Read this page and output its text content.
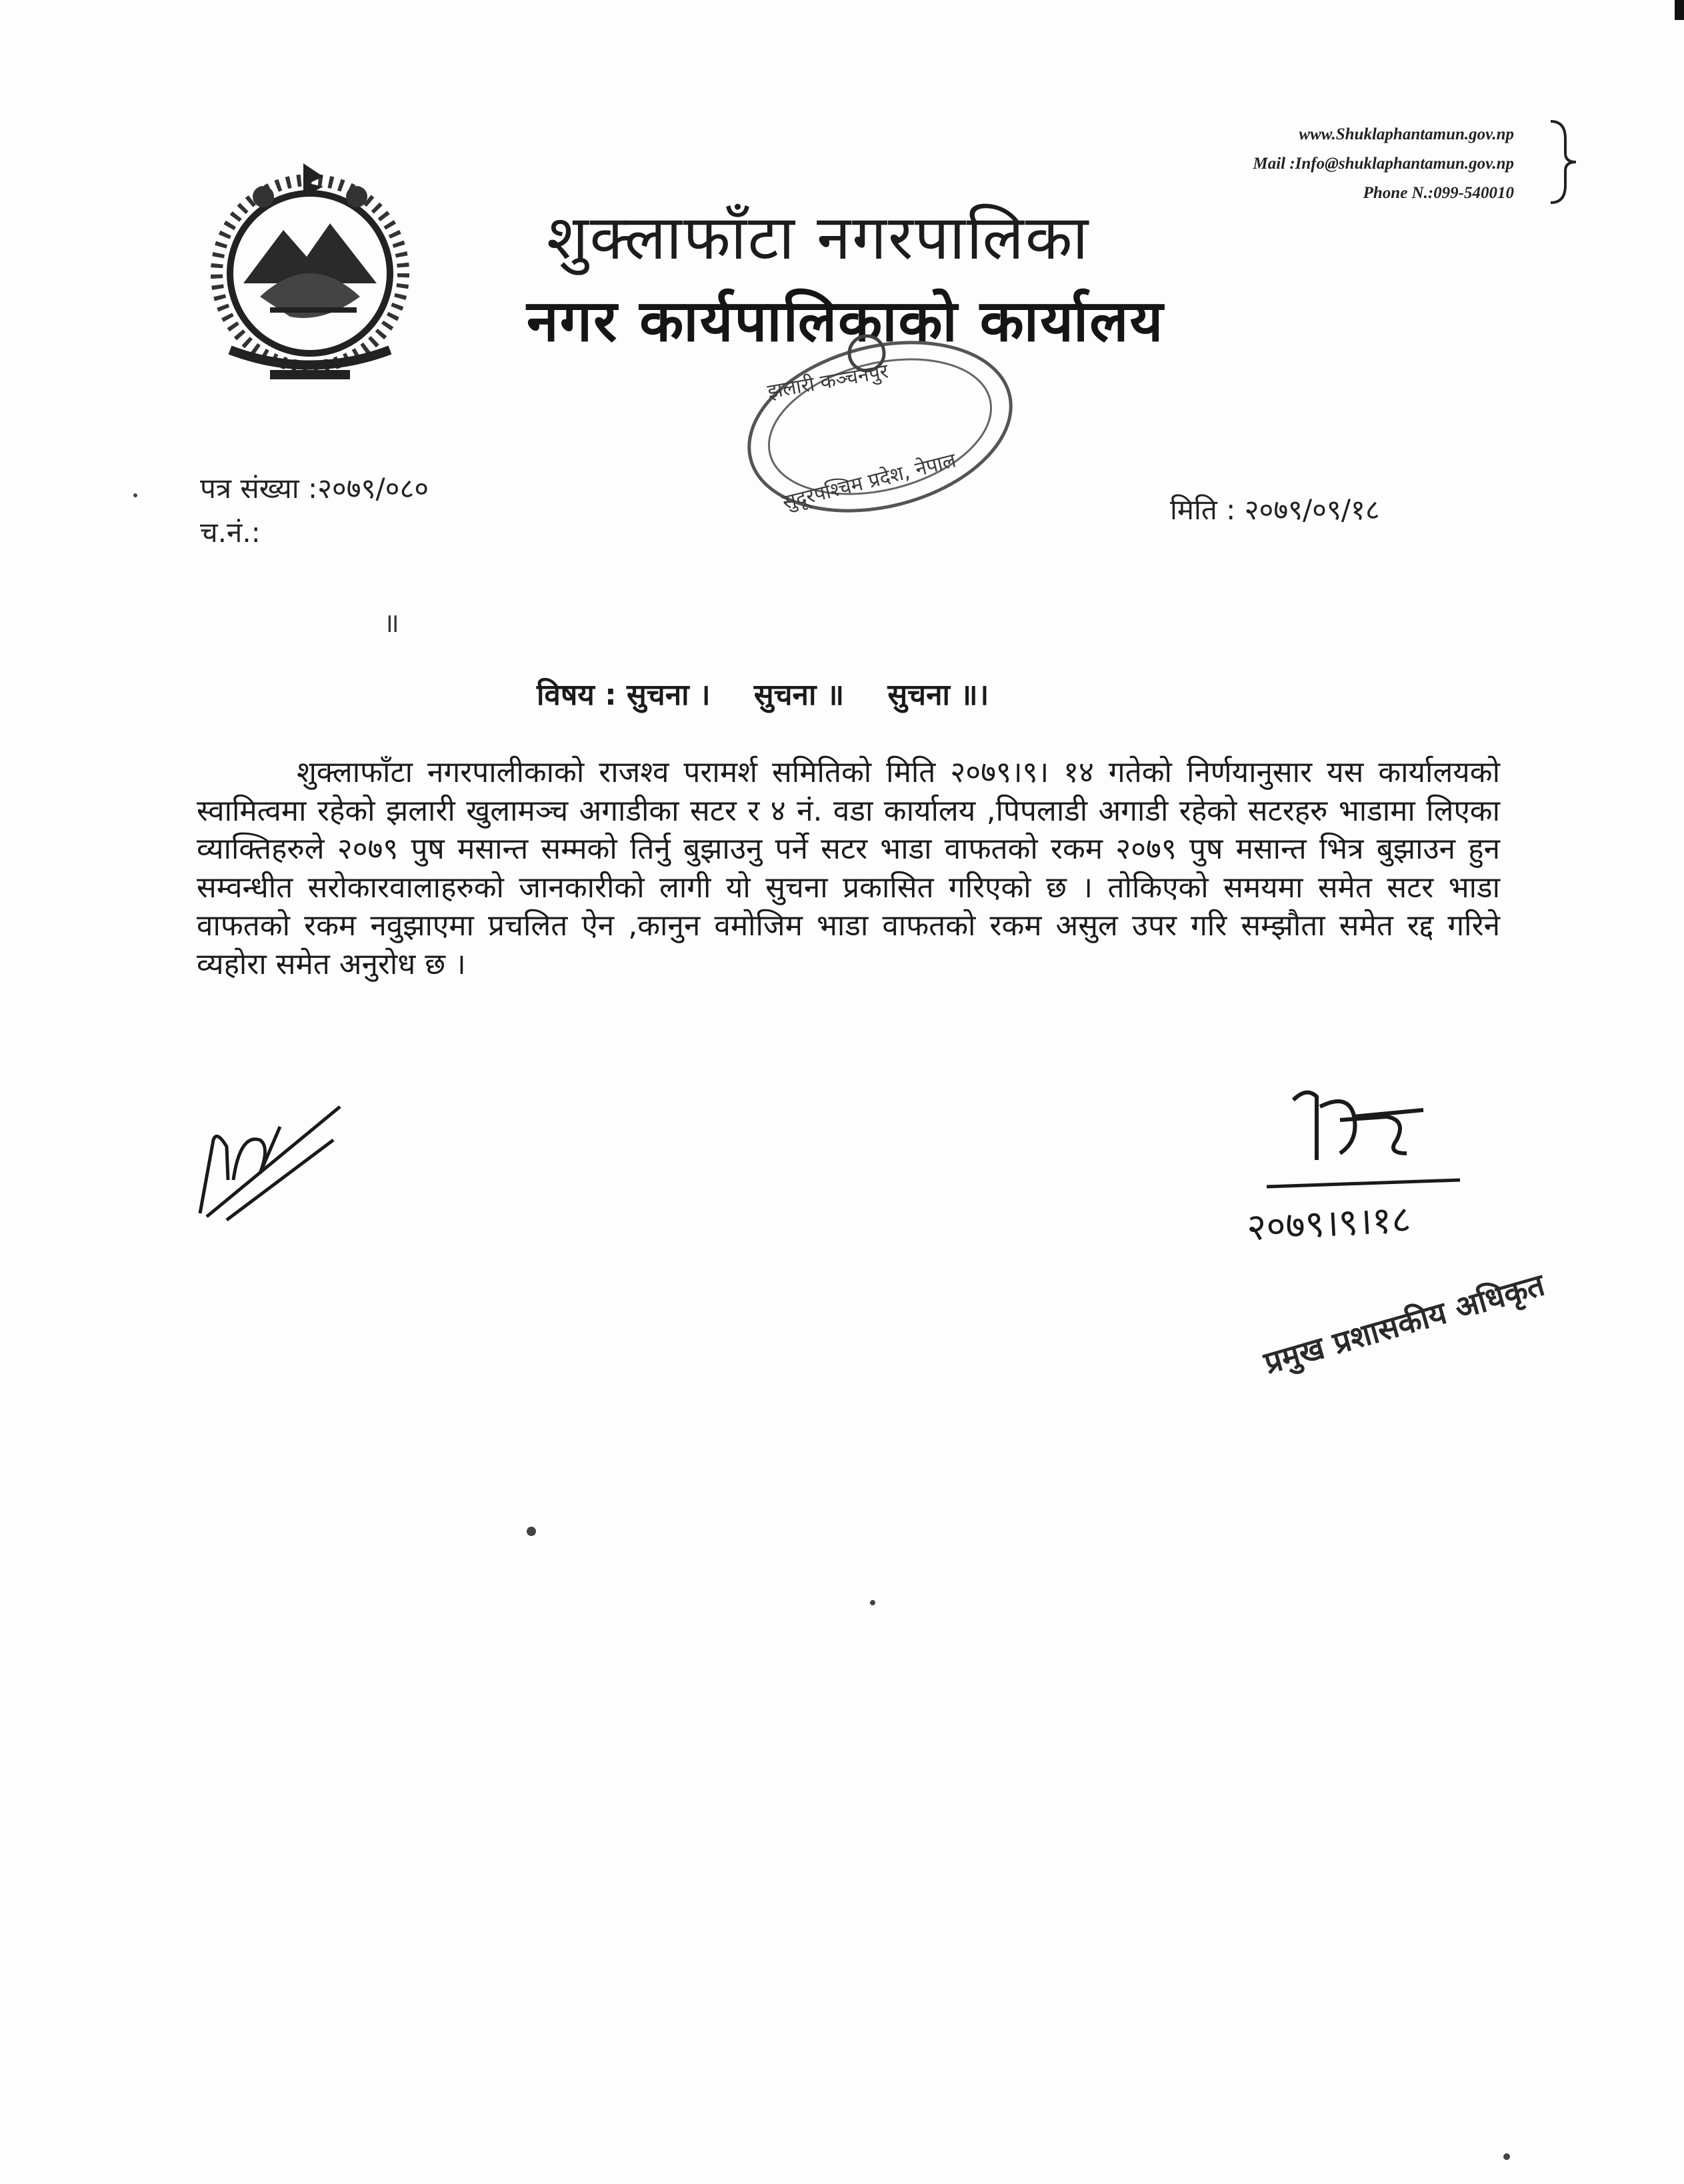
www.Shuklaphantamun.gov.np
Mail :Info@shuklaphantamun.gov.np
Phone N.:099-540010
शुक्लाफाँटा नगरपालिका
नगर कार्यपालिकाको कार्यालय
झलारी कञ्चनपुर
सुदूरपश्चिम प्रदेश, नेपाल
पत्र संख्या :२०७९/०८०
च.नं.:
मिति : २०७९/०९/१८
॥
विषय : सुचना । सुचना ॥ सुचना ॥।
शुक्लाफाँटा नगरपालीकाको राजश्व परामर्श समितिको मिति २०७९।९। १४ गतेको निर्णयानुसार यस कार्यालयको स्वामित्वमा रहेको झलारी खुलामञ्च अगाडीका सटर र ४ नं. वडा कार्यालय ,पिपलाडी अगाडी रहेको सटरहरु भाडामा लिएका व्याक्तिहरुले २०७९ पुष मसान्त सम्मको तिर्नु बुझाउनु पर्ने सटर भाडा वाफतको रकम २०७९ पुष मसान्त भित्र बुझाउन हुन सम्वन्धीत सरोकारवालाहरुको जानकारीको लागी यो सुचना प्रकासित गरिएको छ । तोकिएको समयमा समेत सटर भाडा वाफतको रकम नवुझाएमा प्रचलित ऐन ,कानुन वमोजिम भाडा वाफतको रकम असुल उपर गरि सम्झौता समेत रद्द गरिने व्यहोरा समेत अनुरोध छ ।
२०७९।९।१८
प्रमुख प्रशासकीय अधिकृत
